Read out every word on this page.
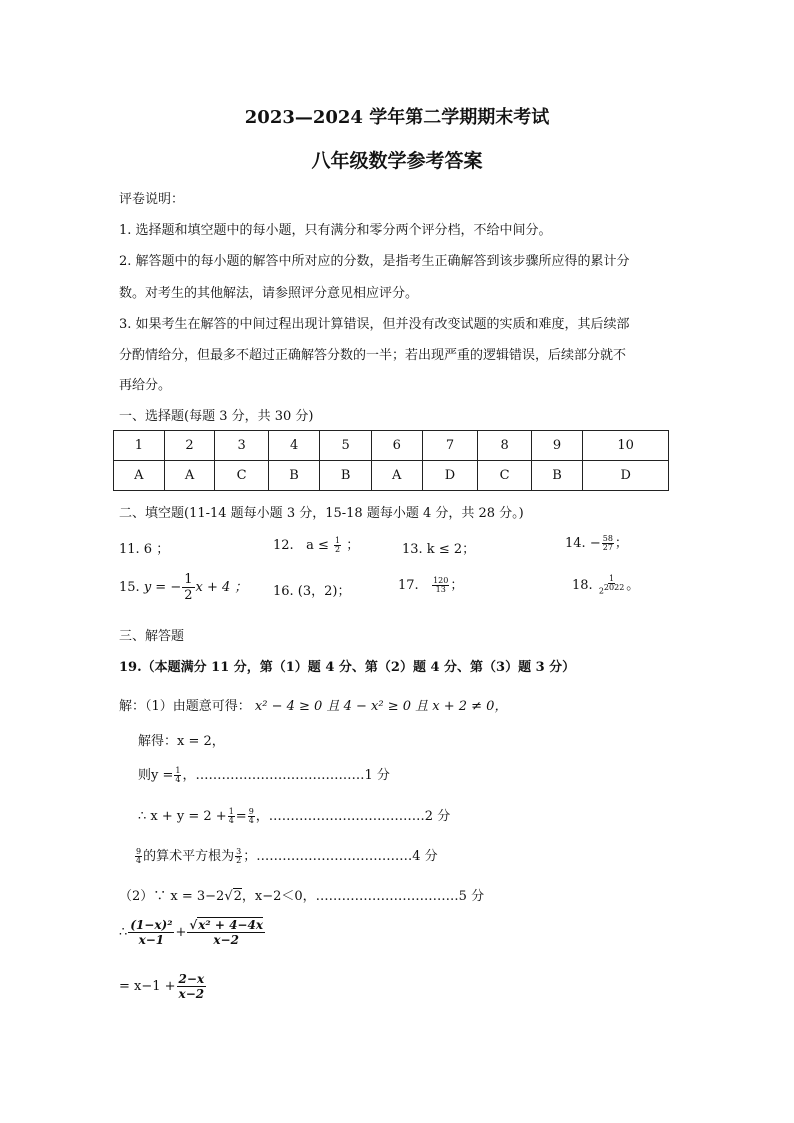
2023—2024 学年第二学期期末考试
八年级数学参考答案
评卷说明：
1. 选择题和填空题中的每小题，只有满分和零分两个评分档，不给中间分。
2. 解答题中的每小题的解答中所对应的分数，是指考生正确解答到该步骤所应得的累计分
数。对考生的其他解法，请参照评分意见相应评分。
3. 如果考生在解答的中间过程出现计算错误，但并没有改变试题的实质和难度，其后续部
分酌情给分，但最多不超过正确解答分数的一半；若出现严重的逻辑错误，后续部分就不
再给分。
一、选择题(每题 3 分，共 30 分)
1	2	3	4	5	6	7	8	9	10
A	A	C	B	B	A	D	C	B	D
二、填空题(11-14 题每小题 3 分，15-18 题每小题 4 分，共 28 分。)
11. 6 ；	12. $a \le \frac{1}{2}$ ；	13. k ≤ 2；	14. − $\frac{58}{27}$ ；
15. y = − $\frac{1}{2}$ x + 4 ； 16. (3，2)；	17. $\frac{120}{13}$ ；	18. $\frac{1}{2^{2022}}$ 。
三、解答题
19.（本题满分 11 分，第（1）题 4 分、第（2）题 4 分、第（3）题 3 分）
解：（1）由题意可得： x² − 4 ≥ 0 且 4 − x² ≥ 0 且 x + 2 ≠ 0，
解得：x = 2，
则$y = \frac{1}{4}$ ，…………………………………1 分
∴ $x + y = 2 + \frac{1}{4} = \frac{9}{4}$ ，………………………………2 分
$\frac{9}{4}$ 的算术平方根为 $\frac{3}{2}$ ；………………………………4 分
（2）∵ x = 3−2√2，x−2＜0，……………………………5 分
∴ $\frac{\text{(1−x)²}}{x-1} + \frac{\text{√x² + 4−4x}}{x-2}$
= $x-1 + \frac{2-x}{x-2}$
